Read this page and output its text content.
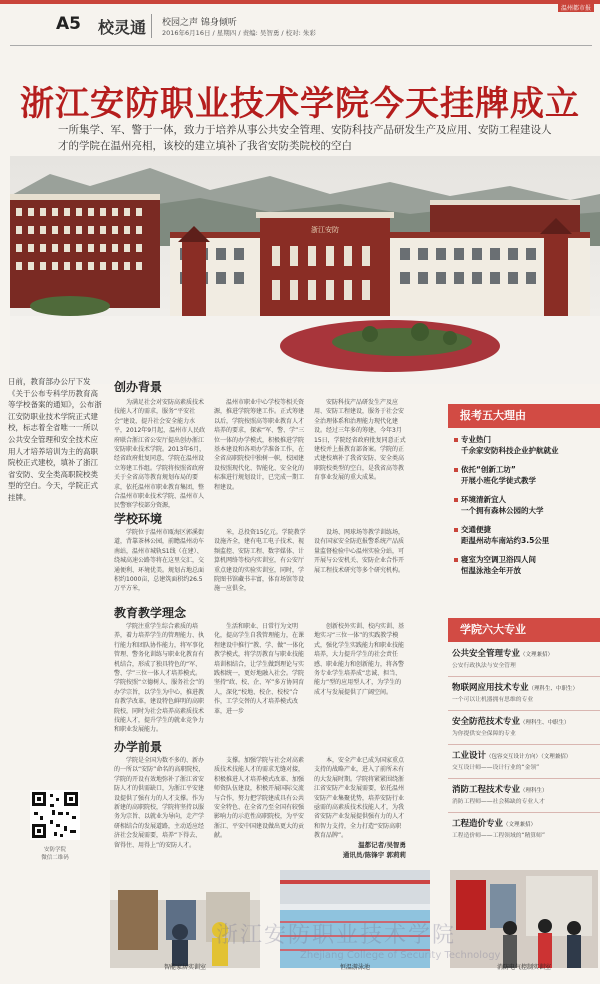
温州都市报
A5 校灵通 校园之声 锦身倾听
2016年6月16日 / 星期四 / 责编: 吴智勇 / 校对: 朱彩
浙江安防职业技术学院今天挂牌成立
一所集学、军、警于一体，致力于培养从事公共安全管理、安防科技产品研发生产及应用、安防工程建设人才的学院在温州亮相，该校的建立填补了我省安防类院校的空白
浙江安防
日前，教育部办公厅下发《关于公布专科学历教育高等学校备案的通知》，公布浙江安防职业技术学院正式建校，标志着全省唯一一所以公共安全管理和安全技术应用人才培养培训为主的高职院校正式建校，填补了浙江省安防、安全类高职院校类型的空白。今天，学院正式挂牌。
创办背景
为满足社会对安防高素质技术技能人才的需求，服务“平安社会”建设，提升社会安全能力水平，2012年9月起，温州市人民政府联合浙江省公安厅提出创办浙江安防职业技术学院。2013年6月，经省政府批复同意，学院在温州设立筹建工作组。学院将按照省政府关于全省高等教育规划布局的要求，依托温州市职业教育集团，整合温州市职业技术学院、温州市人民警察学校部分资源，
温州市职业中心学校等相关资源，推进学院筹建工作。正式筹建以后，学院按照高等职业教育人才培养的要求，探索“军、警、学”三位一体的办学模式，积极推进学院基本建设和各项办学准备工作，在全省高职院校中独树一帜，校园建设按照现代化、智能化、安全化的标准进行规划设计，已完成一期工程建设。
安防科技产品研发生产及应用、安防工程建设，服务于社会安全治理体系和治理能力现代化建设。经过三年多的筹建，今年3月15日，学院经省政府批复同意正式建校并上报教育部备案。学院的正式建校填补了我省安防、安全类高职院校类型的空白，是我省高等教育事业发展的重大成果。
学校环境
学院位于温州市瓯海区郭溪街道，背靠茶林公园，前瞻温州动车南站，温州市城轨S1线（在建）、绕城高速公路等将在这里交汇，交通便利、环境优美。规划占地总面积约1000亩，总建筑面积约26.5万平方米，
米，总投资15亿元。学院教学设施齐全，建有电工电子技术、视频监控、安防工程、数字媒体、计算机网络等校内实训室，有公安厅重点建设的实验实训室，同时，学院图书馆藏书丰富，体育场馆等设施一应俱全，
设场、网球场等教学训练场，设有国家安全防范报警系统产品质量监督检验中心温州实验分站，可开展与公安机关、安防企业合作开展工程技术研究等多个研究机构。
教育教学理念
学院注重学生综合素质的培养，着力培养学生的管理能力、执行能力和团队协作能力，将军事化管理、警务化训练与职业化教育有机结合，形成了独具特色的“军、警、学”三位一体人才培养模式。学院按照“立德树人、服务社会”的办学宗旨，以学生为中心，推进教育教学改革，建设特色鲜明的高职院校，同时为社会培养高素质技术技能人才，提升学生的就业竞争力和职业发展能力。
生活和职业、日常行为文明化，提高学生自我管理能力，在课程建设中推行“教、学、做”一体化教学模式，将学历教育与职业技能培训相结合，让学生做到理论与实践相统一，更好地融入社会。学院坚持“政、校、企、军”多方协同育人，深化“校地、校企、校校”合作，工学交替的人才培养模式改革，进一步
创新校外实训、校内实训、基地实习“三位一体”的实践教学模式，强化学生实践能力和职业技能培养，大力提升学生的社会责任感、职业能力和创新能力，将各警务专业学生培养成“忠诚、担当、能力”型的应用型人才，为学生的成才与发展提供了广阔空间。
办学前景
学院是全国为数不多的、新办的一所以“安防”命名的高职院校，学院的开设有效地弥补了浙江省安防人才的供需缺口，为浙江平安建设提供了强有力的人才支撑。作为新建的高职院校，学院将坚持以服务为宗旨、以就业为导向，走产学研相结合的发展道路，主动适应经济社会发展需要，培养“下得去、留得住、用得上”的安防人才。
支撑。加强学院与社会对高素质技术技能人才的需求无缝对接，积极推进人才培养模式改革、加强师资队伍建设，积极开展国际交流与合作，努力把学院建成具有公共安全特色、在全省乃至全国有较强影响力的示范性高职院校，为平安浙江、平安中国建设做出更大的贡献。
本，安全产业已成为国家重点支持的战略产业，进入了前所未有的大发展时期。学院将紧紧围绕浙江省安防产业发展需要，依托温州安防产业集聚优势，培养安防行业亟需的高素质技术技能人才，为我省安防产业发展提供强有力的人才和智力支持，全力打造“安防高职教育品牌”。
温都记者/吴智勇
通讯员/陈锋宇 郭莉莉
安防学院
微信二维码
报考五大理由
专业热门
千余家安防科技企业护航就业
依托“创新工坊”
开展小班化学徒式教学
环境清新宜人
一个拥有森林公园的大学
交通便捷
距温州动车南站约3.5公里
寝室为空调卫浴四人间
恒温泳池全年开放
学院六大专业
公共安全管理专业（文理兼招）
公安行政执法与安全管理
物联网应用技术专业（理科生、中职生）
一个可以让机器拥有思维的专业
安全防范技术专业（理科生、中职生）
为你提供安全保障的专业
工业设计（包容交互设计方向）（文理兼招）
交互设计师——设计行业的“金领”
消防工程技术专业（理科生）
消防工程师——社会稀缺的专业人才
工程造价专业（文理兼招）
工程造价师——工程领域的“精算师”
智能家居实训室	恒温游泳池	消防电气控制实训室
浙江安防职业技术学院
Zhejiang College of Security Technology
